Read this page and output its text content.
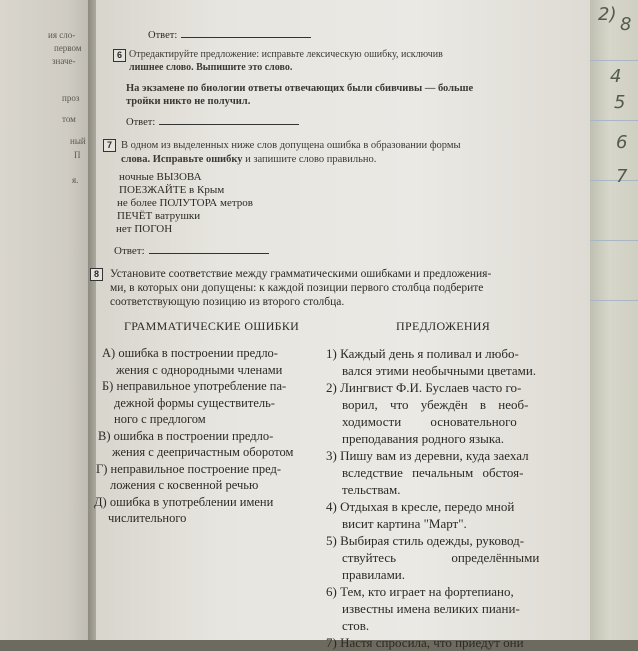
ия сло-
первом
значе-
проз
том
ный
П
я.
Ответ:
6 Отредактируйте предложение: исправьте лексическую ошибку, исключив
лишнее слово. Выпишите это слово.
На экзамене по биологии ответы отвечающих были сбивчивы — больше
тройки никто не получил.
Ответ:
7 В одном из выделенных ниже слов допущена ошибка в образовании формы
слова. Исправьте ошибку и запишите слово правильно.
ночные ВЫЗОВА
ПОЕЗЖАЙТЕ в Крым
не более ПОЛУТОРА метров
ПЕЧЁТ ватрушки
нет ПОГОН
Ответ:
8 Установите соответствие между грамматическими ошибками и предложения-
ми, в которых они допущены: к каждой позиции первого столбца подберите
соответствующую позицию из второго столбца.
ГРАММАТИЧЕСКИЕ ОШИБКИ	ПРЕДЛОЖЕНИЯ
А) ошибка в построении предло-
жения с однородными членами
Б) неправильное употребление па-
дежной формы существитель-
ного с предлогом
В) ошибка в построении предло-
жения с деепричастным оборотом
Г) неправильное построение пред-
ложения с косвенной речью
Д) ошибка в употреблении имени
числительного
1) Каждый день я поливал и любо-
вался этими необычными цветами.
2) Лингвист Ф.И. Буслаев часто го-
ворил, что убеждён в необ-
ходимости основательного
преподавания родного языка.
3) Пишу вам из деревни, куда заехал
вследствие печальным обстоя-
тельствам.
4) Отдыхая в кресле, передо мной
висит картина "Март".
5) Выбирая стиль одежды, руковод-
ствуйтесь определёнными
правилами.
6) Тем, кто играет на фортепиано,
известны имена великих пиани-
стов.
7) Настя спросила, что приедут они
2)
4
5
6
7
8
